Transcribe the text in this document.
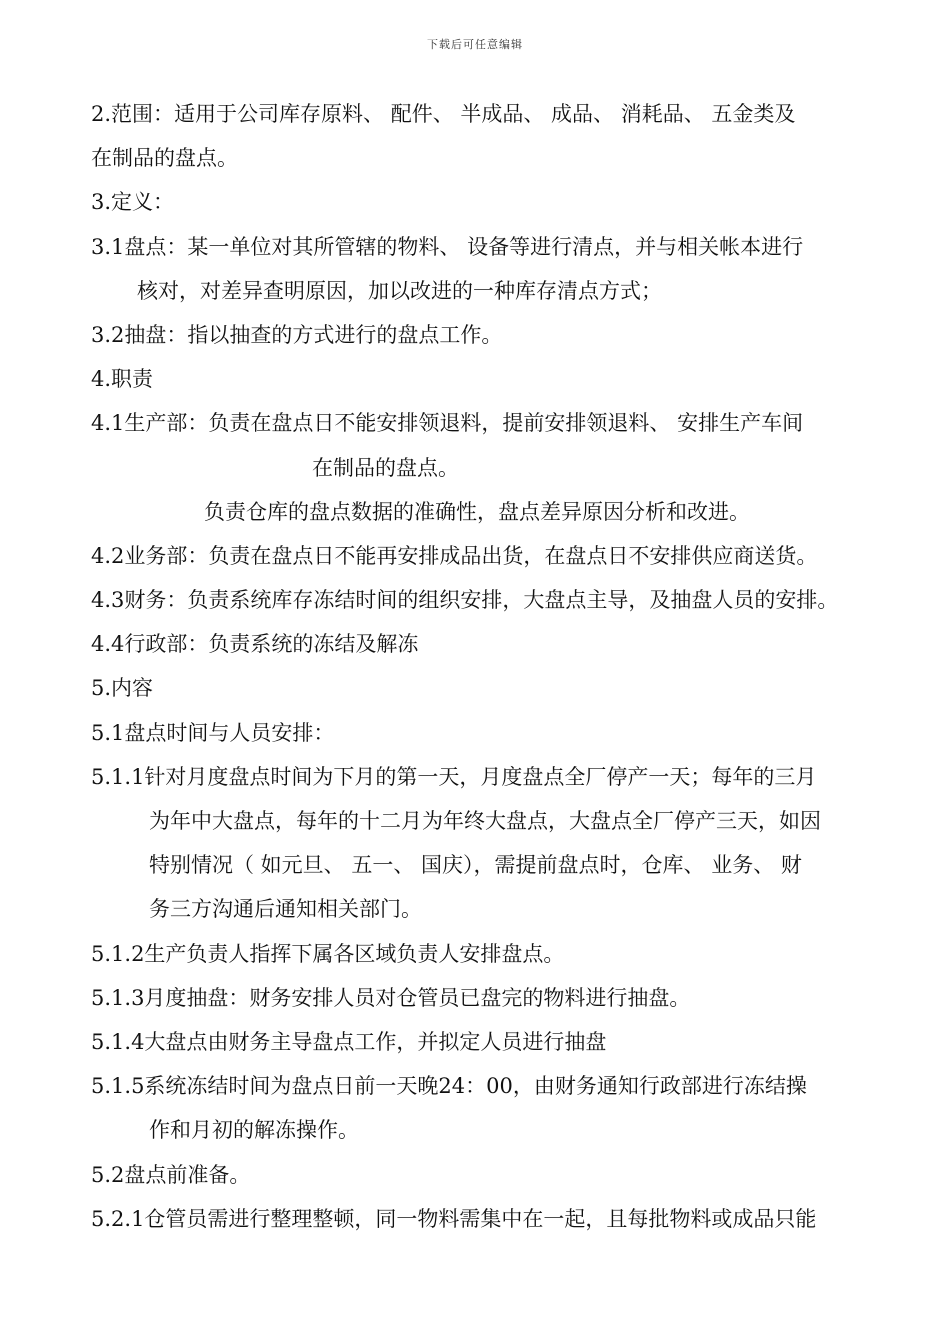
下载后可任意编辑
2.范围：适用于公司库存原料、 配件、 半成品、 成品、 消耗品、 五金类及
在制品的盘点。
3.定义：
3.1盘点：某一单位对其所管辖的物料、 设备等进行清点，并与相关帐本进行
核对，对差异查明原因，加以改进的一种库存清点方式；
3.2抽盘：指以抽查的方式进行的盘点工作。
4.职责
4.1生产部：负责在盘点日不能安排领退料，提前安排领退料、 安排生产车间
在制品的盘点。
负责仓库的盘点数据的准确性，盘点差异原因分析和改进。
4.2业务部：负责在盘点日不能再安排成品出货，在盘点日不安排供应商送货。
4.3财务：负责系统库存冻结时间的组织安排，大盘点主导，及抽盘人员的安排。
4.4行政部：负责系统的冻结及解冻
5.内容
5.1盘点时间与人员安排：
5.1.1针对月度盘点时间为下月的第一天，月度盘点全厂停产一天；每年的三月
为年中大盘点，每年的十二月为年终大盘点，大盘点全厂停产三天，如因
特别情况（ 如元旦、 五一、 国庆），需提前盘点时，仓库、 业务、 财
务三方沟通后通知相关部门。
5.1.2生产负责人指挥下属各区域负责人安排盘点。
5.1.3月度抽盘：财务安排人员对仓管员已盘完的物料进行抽盘。
5.1.4大盘点由财务主导盘点工作，并拟定人员进行抽盘
5.1.5系统冻结时间为盘点日前一天晚24：00，由财务通知行政部进行冻结操
作和月初的解冻操作。
5.2盘点前准备。
5.2.1仓管员需进行整理整顿，同一物料需集中在一起，且每批物料或成品只能
